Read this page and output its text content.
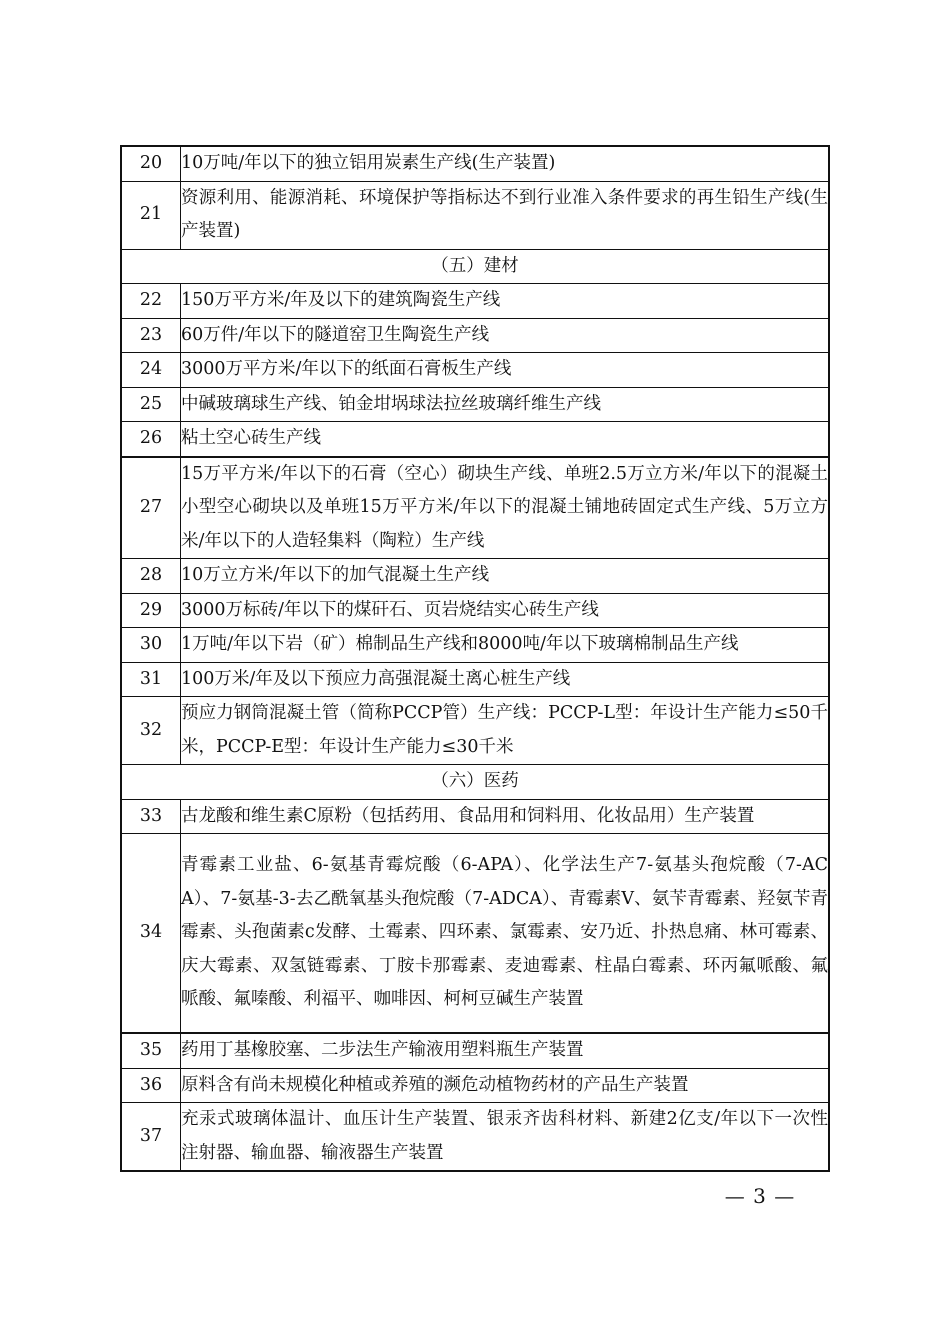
20	10万吨/年以下的独立铝用炭素生产线(生产装置)
21	资源利用、能源消耗、环境保护等指标达不到行业准入条件要求的再生铅生产线(生产装置)
（五）建材	
22	150万平方米/年及以下的建筑陶瓷生产线
23	60万件/年以下的隧道窑卫生陶瓷生产线
24	3000万平方米/年以下的纸面石膏板生产线
25	中碱玻璃球生产线、铂金坩埚球法拉丝玻璃纤维生产线
26	粘土空心砖生产线
27	15万平方米/年以下的石膏（空心）砌块生产线、单班2.5万立方米/年以下的混凝土小型空心砌块以及单班15万平方米/年以下的混凝土铺地砖固定式生产线、5万立方米/年以下的人造轻集料（陶粒）生产线
28	10万立方米/年以下的加气混凝土生产线
29	3000万标砖/年以下的煤矸石、页岩烧结实心砖生产线
30	1万吨/年以下岩（矿）棉制品生产线和8000吨/年以下玻璃棉制品生产线
31	100万米/年及以下预应力高强混凝土离心桩生产线
32	预应力钢筒混凝土管（简称PCCP管）生产线：PCCP-L型：年设计生产能力≤50千米，PCCP-E型：年设计生产能力≤30千米
（六）医药	
33	古龙酸和维生素C原粉（包括药用、食品用和饲料用、化妆品用）生产装置
34	青霉素工业盐、6-氨基青霉烷酸（6-APA）、化学法生产7-氨基头孢烷酸（7-ACA）、7-氨基-3-去乙酰氧基头孢烷酸（7-ADCA）、青霉素V、氨苄青霉素、羟氨苄青霉素、头孢菌素c发酵、土霉素、四环素、氯霉素、安乃近、扑热息痛、林可霉素、庆大霉素、双氢链霉素、丁胺卡那霉素、麦迪霉素、柱晶白霉素、环丙氟哌酸、氟哌酸、氟嗪酸、利福平、咖啡因、柯柯豆碱生产装置
35	药用丁基橡胶塞、二步法生产输液用塑料瓶生产装置
36	原料含有尚未规模化种植或养殖的濒危动植物药材的产品生产装置
37	充汞式玻璃体温计、血压计生产装置、银汞齐齿科材料、新建2亿支/年以下一次性注射器、输血器、输液器生产装置
— 3 —
